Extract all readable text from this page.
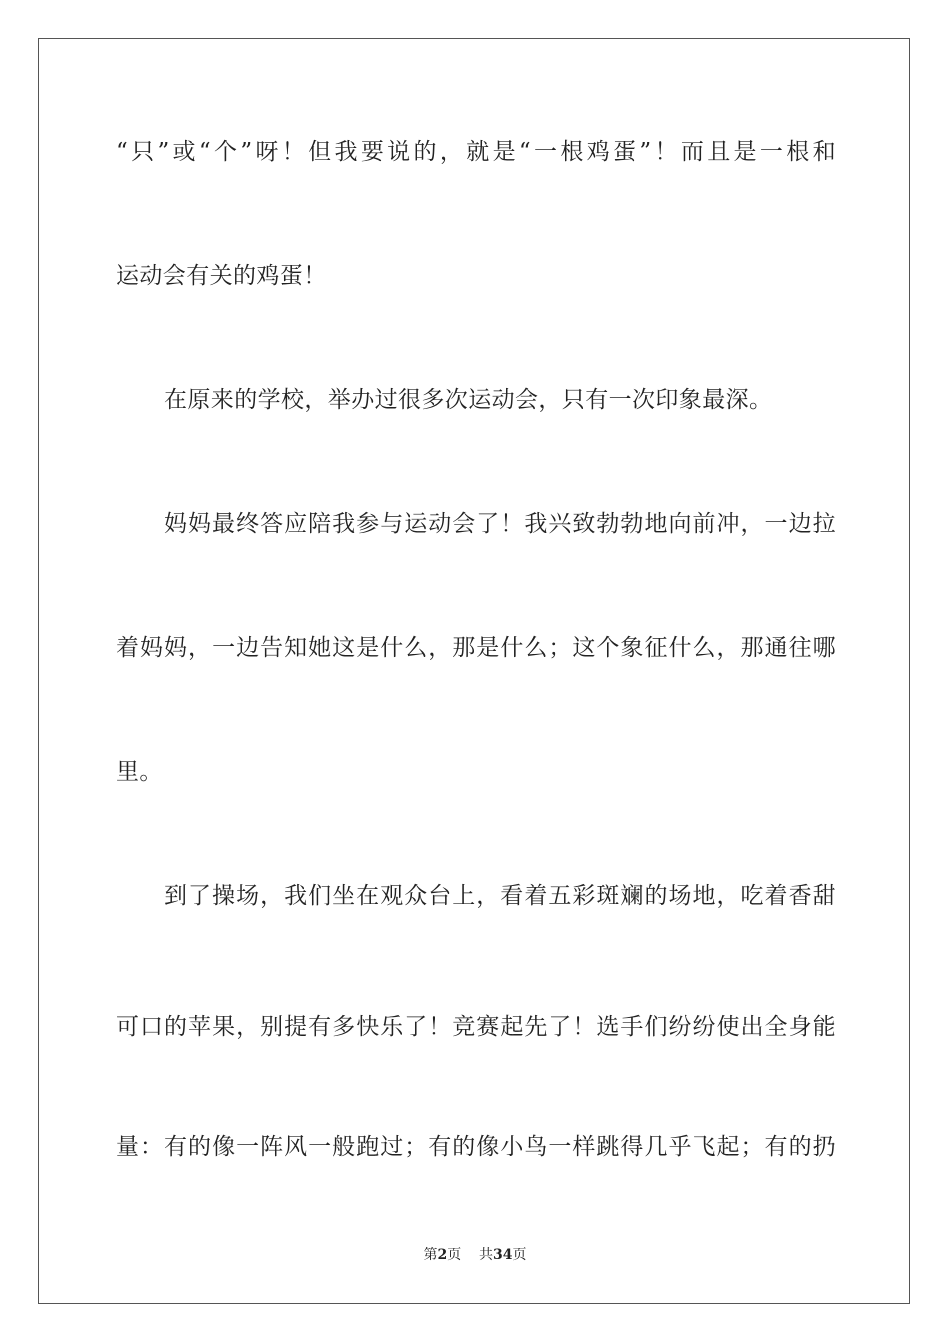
“只”或“个”呀！但我要说的，就是“一根鸡蛋”！而且是一根和
运动会有关的鸡蛋！
在原来的学校，举办过很多次运动会，只有一次印象最深。
妈妈最终答应陪我参与运动会了！我兴致勃勃地向前冲，一边拉
着妈妈，一边告知她这是什么，那是什么；这个象征什么，那通往哪
里。
到了操场，我们坐在观众台上，看着五彩斑斓的场地，吃着香甜
可口的苹果，别提有多快乐了！竞赛起先了！选手们纷纷使出全身能
量：有的像一阵风一般跑过；有的像小鸟一样跳得几乎飞起；有的扔
第2页 共34页
